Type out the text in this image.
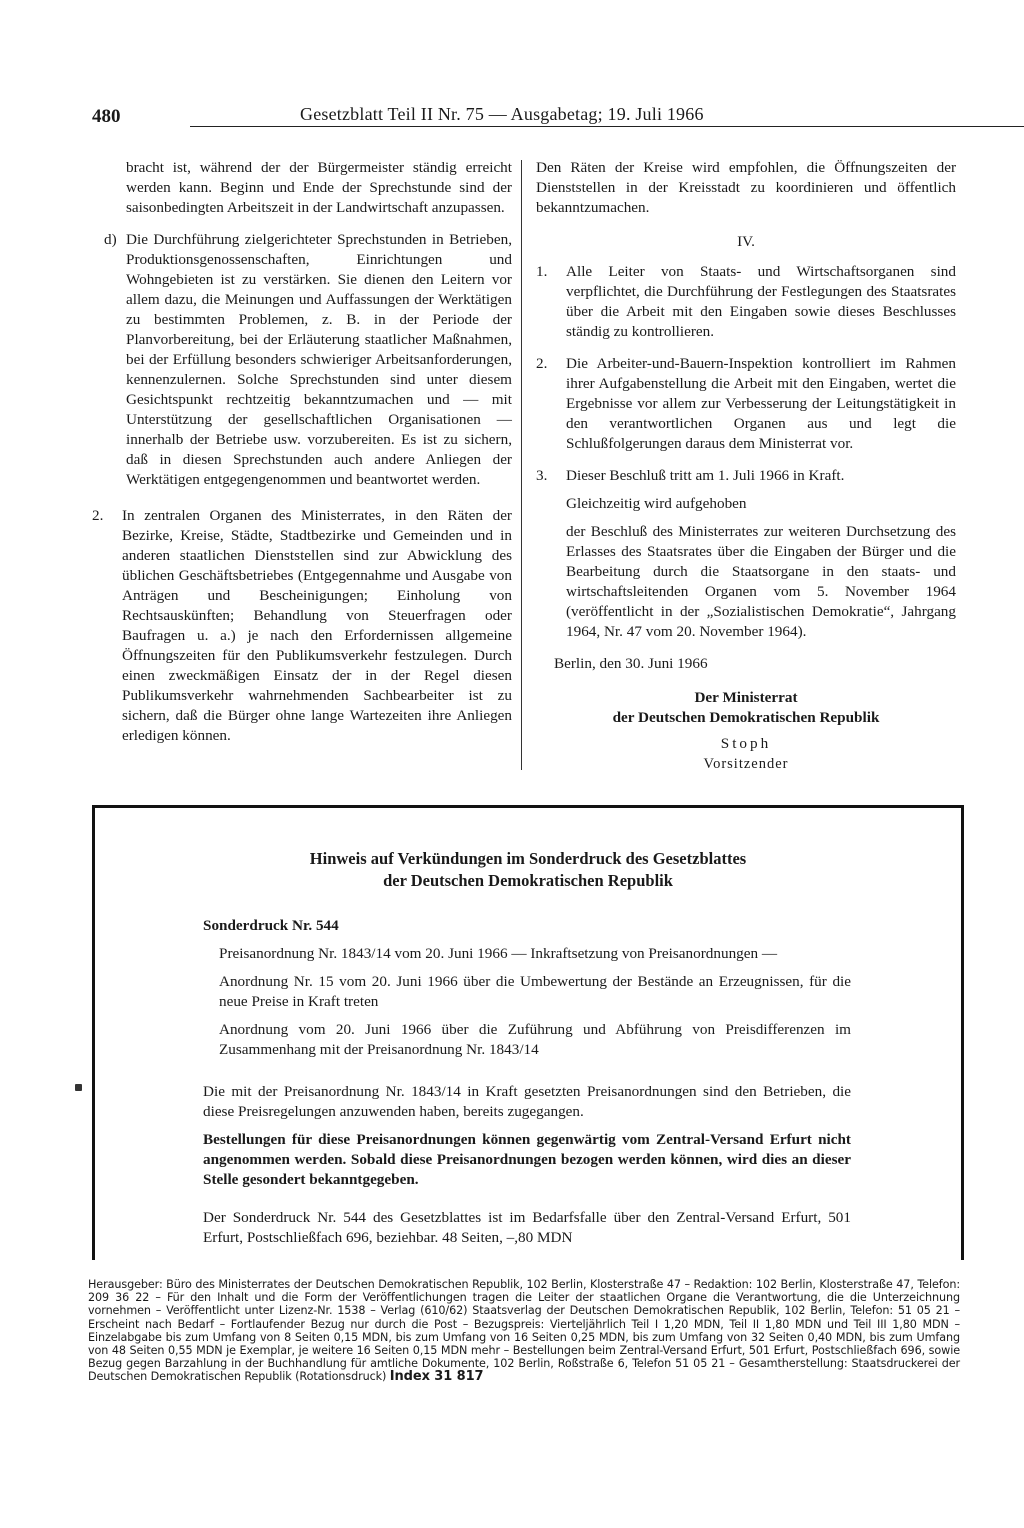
480	Gesetzblatt Teil II Nr. 75 — Ausgabetag; 19. Juli 1966

bracht ist, während der der Bürgermeister ständig erreicht werden kann. Beginn und Ende der Sprechstunde sind der saisonbedingten Arbeitszeit in der Landwirtschaft anzupassen.

d) Die Durchführung zielgerichteter Sprechstunden in Betrieben, Produktionsgenossenschaften, Einrichtungen und Wohngebieten ist zu verstärken. Sie dienen den Leitern vor allem dazu, die Meinungen und Auffassungen der Werktätigen zu bestimmten Problemen, z. B. in der Periode der Planvorbereitung, bei der Erläuterung staatlicher Maßnahmen, bei der Erfüllung besonders schwieriger Arbeitsanforderungen, kennenzulernen. Solche Sprechstunden sind unter diesem Gesichtspunkt rechtzeitig bekanntzumachen und — mit Unterstützung der gesellschaftlichen Organisationen — innerhalb der Betriebe usw. vorzubereiten. Es ist zu sichern, daß in diesen Sprechstunden auch andere Anliegen der Werktätigen entgegengenommen und beantwortet werden.

2. In zentralen Organen des Ministerrates, in den Räten der Bezirke, Kreise, Städte, Stadtbezirke und Gemeinden und in anderen staatlichen Dienststellen sind zur Abwicklung des üblichen Geschäftsbetriebes (Entgegennahme und Ausgabe von Anträgen und Bescheinigungen; Einholung von Rechtsauskünften; Behandlung von Steuerfragen oder Baufragen u. a.) je nach den Erfordernissen allgemeine Öffnungszeiten für den Publikumsverkehr festzulegen. Durch einen zweckmäßigen Einsatz der in der Regel diesen Publikumsverkehr wahrnehmenden Sachbearbeiter ist zu sichern, daß die Bürger ohne lange Wartezeiten ihre Anliegen erledigen können.

Den Räten der Kreise wird empfohlen, die Öffnungszeiten der Dienststellen in der Kreisstadt zu koordinieren und öffentlich bekanntzumachen.

IV.
1. Alle Leiter von Staats- und Wirtschaftsorganen sind verpflichtet, die Durchführung der Festlegungen des Staatsrates über die Arbeit mit den Eingaben sowie dieses Beschlusses ständig zu kontrollieren.

2. Die Arbeiter-und-Bauern-Inspektion kontrolliert im Rahmen ihrer Aufgabenstellung die Arbeit mit den Eingaben, wertet die Ergebnisse vor allem zur Verbesserung der Leitungstätigkeit in den verantwortlichen Organen aus und legt die Schlußfolgerungen daraus dem Ministerrat vor.

3. Dieser Beschluß tritt am 1. Juli 1966 in Kraft.

Gleichzeitig wird aufgehoben

der Beschluß des Ministerrates zur weiteren Durchsetzung des Erlasses des Staatsrates über die Eingaben der Bürger und die Bearbeitung durch die Staatsorgane in den staats- und wirtschaftsleitenden Organen vom 5. November 1964 (veröffentlicht in der „Sozialistischen Demokratie“, Jahrgang 1964, Nr. 47 vom 20. November 1964).

Berlin, den 30. Juni 1966
Der Ministerrat
der Deutschen Demokratischen Republik
Stoph
Vorsitzender
Hinweis auf Verkündungen im Sonderdruck des Gesetzblattes
der Deutschen Demokratischen Republik
Sonderdruck Nr. 544
Preisanordnung Nr. 1843/14 vom 20. Juni 1966 — Inkraftsetzung von Preisanordnungen —
Anordnung Nr. 15 vom 20. Juni 1966 über die Umbewertung der Bestände an Erzeugnissen, für die neue Preise in Kraft treten
Anordnung vom 20. Juni 1966 über die Zuführung und Abführung von Preisdifferenzen im Zusammenhang mit der Preisanordnung Nr. 1843/14

Die mit der Preisanordnung Nr. 1843/14 in Kraft gesetzten Preisanordnungen sind den Betrieben, die diese Preisregelungen anzuwenden haben, bereits zugegangen.

Bestellungen für diese Preisanordnungen können gegenwärtig vom Zentral-Versand Erfurt nicht angenommen werden. Sobald diese Preisanordnungen bezogen werden können, wird dies an dieser Stelle gesondert bekanntgegeben.

Der Sonderdruck Nr. 544 des Gesetzblattes ist im Bedarfsfalle über den Zentral-Versand Erfurt, 501 Erfurt, Postschließfach 696, beziehbar. 48 Seiten, –,80 MDN

Herausgeber: Büro des Ministerrates der Deutschen Demokratischen Republik, 102 Berlin, Klosterstraße 47 – Redaktion: 102 Berlin, Klosterstraße 47, Telefon: 209 36 22 – Für den Inhalt und die Form der Veröffentlichungen tragen die Leiter der staatlichen Organe die Verantwortung, die die Unterzeichnung vornehmen – Veröffentlicht unter Lizenz-Nr. 1538 – Verlag (610/62) Staatsverlag der Deutschen Demokratischen Republik, 102 Berlin, Telefon: 51 05 21 – Erscheint nach Bedarf – Fortlaufender Bezug nur durch die Post – Bezugspreis: Vierteljährlich Teil I 1,20 MDN, Teil II 1,80 MDN und Teil III 1,80 MDN – Einzelabgabe bis zum Umfang von 8 Seiten 0,15 MDN, bis zum Umfang von 16 Seiten 0,25 MDN, bis zum Umfang von 32 Seiten 0,40 MDN, bis zum Umfang von 48 Seiten 0,55 MDN je Exemplar, je weitere 16 Seiten 0,15 MDN mehr – Bestellungen beim Zentral-Versand Erfurt, 501 Erfurt, Postschließfach 696, sowie Bezug gegen Barzahlung in der Buchhandlung für amtliche Dokumente, 102 Berlin, Roßstraße 6, Telefon 51 05 21 – Gesamtherstellung: Staatsdruckerei der Deutschen Demokratischen Republik (Rotationsdruck) Index 31 817
